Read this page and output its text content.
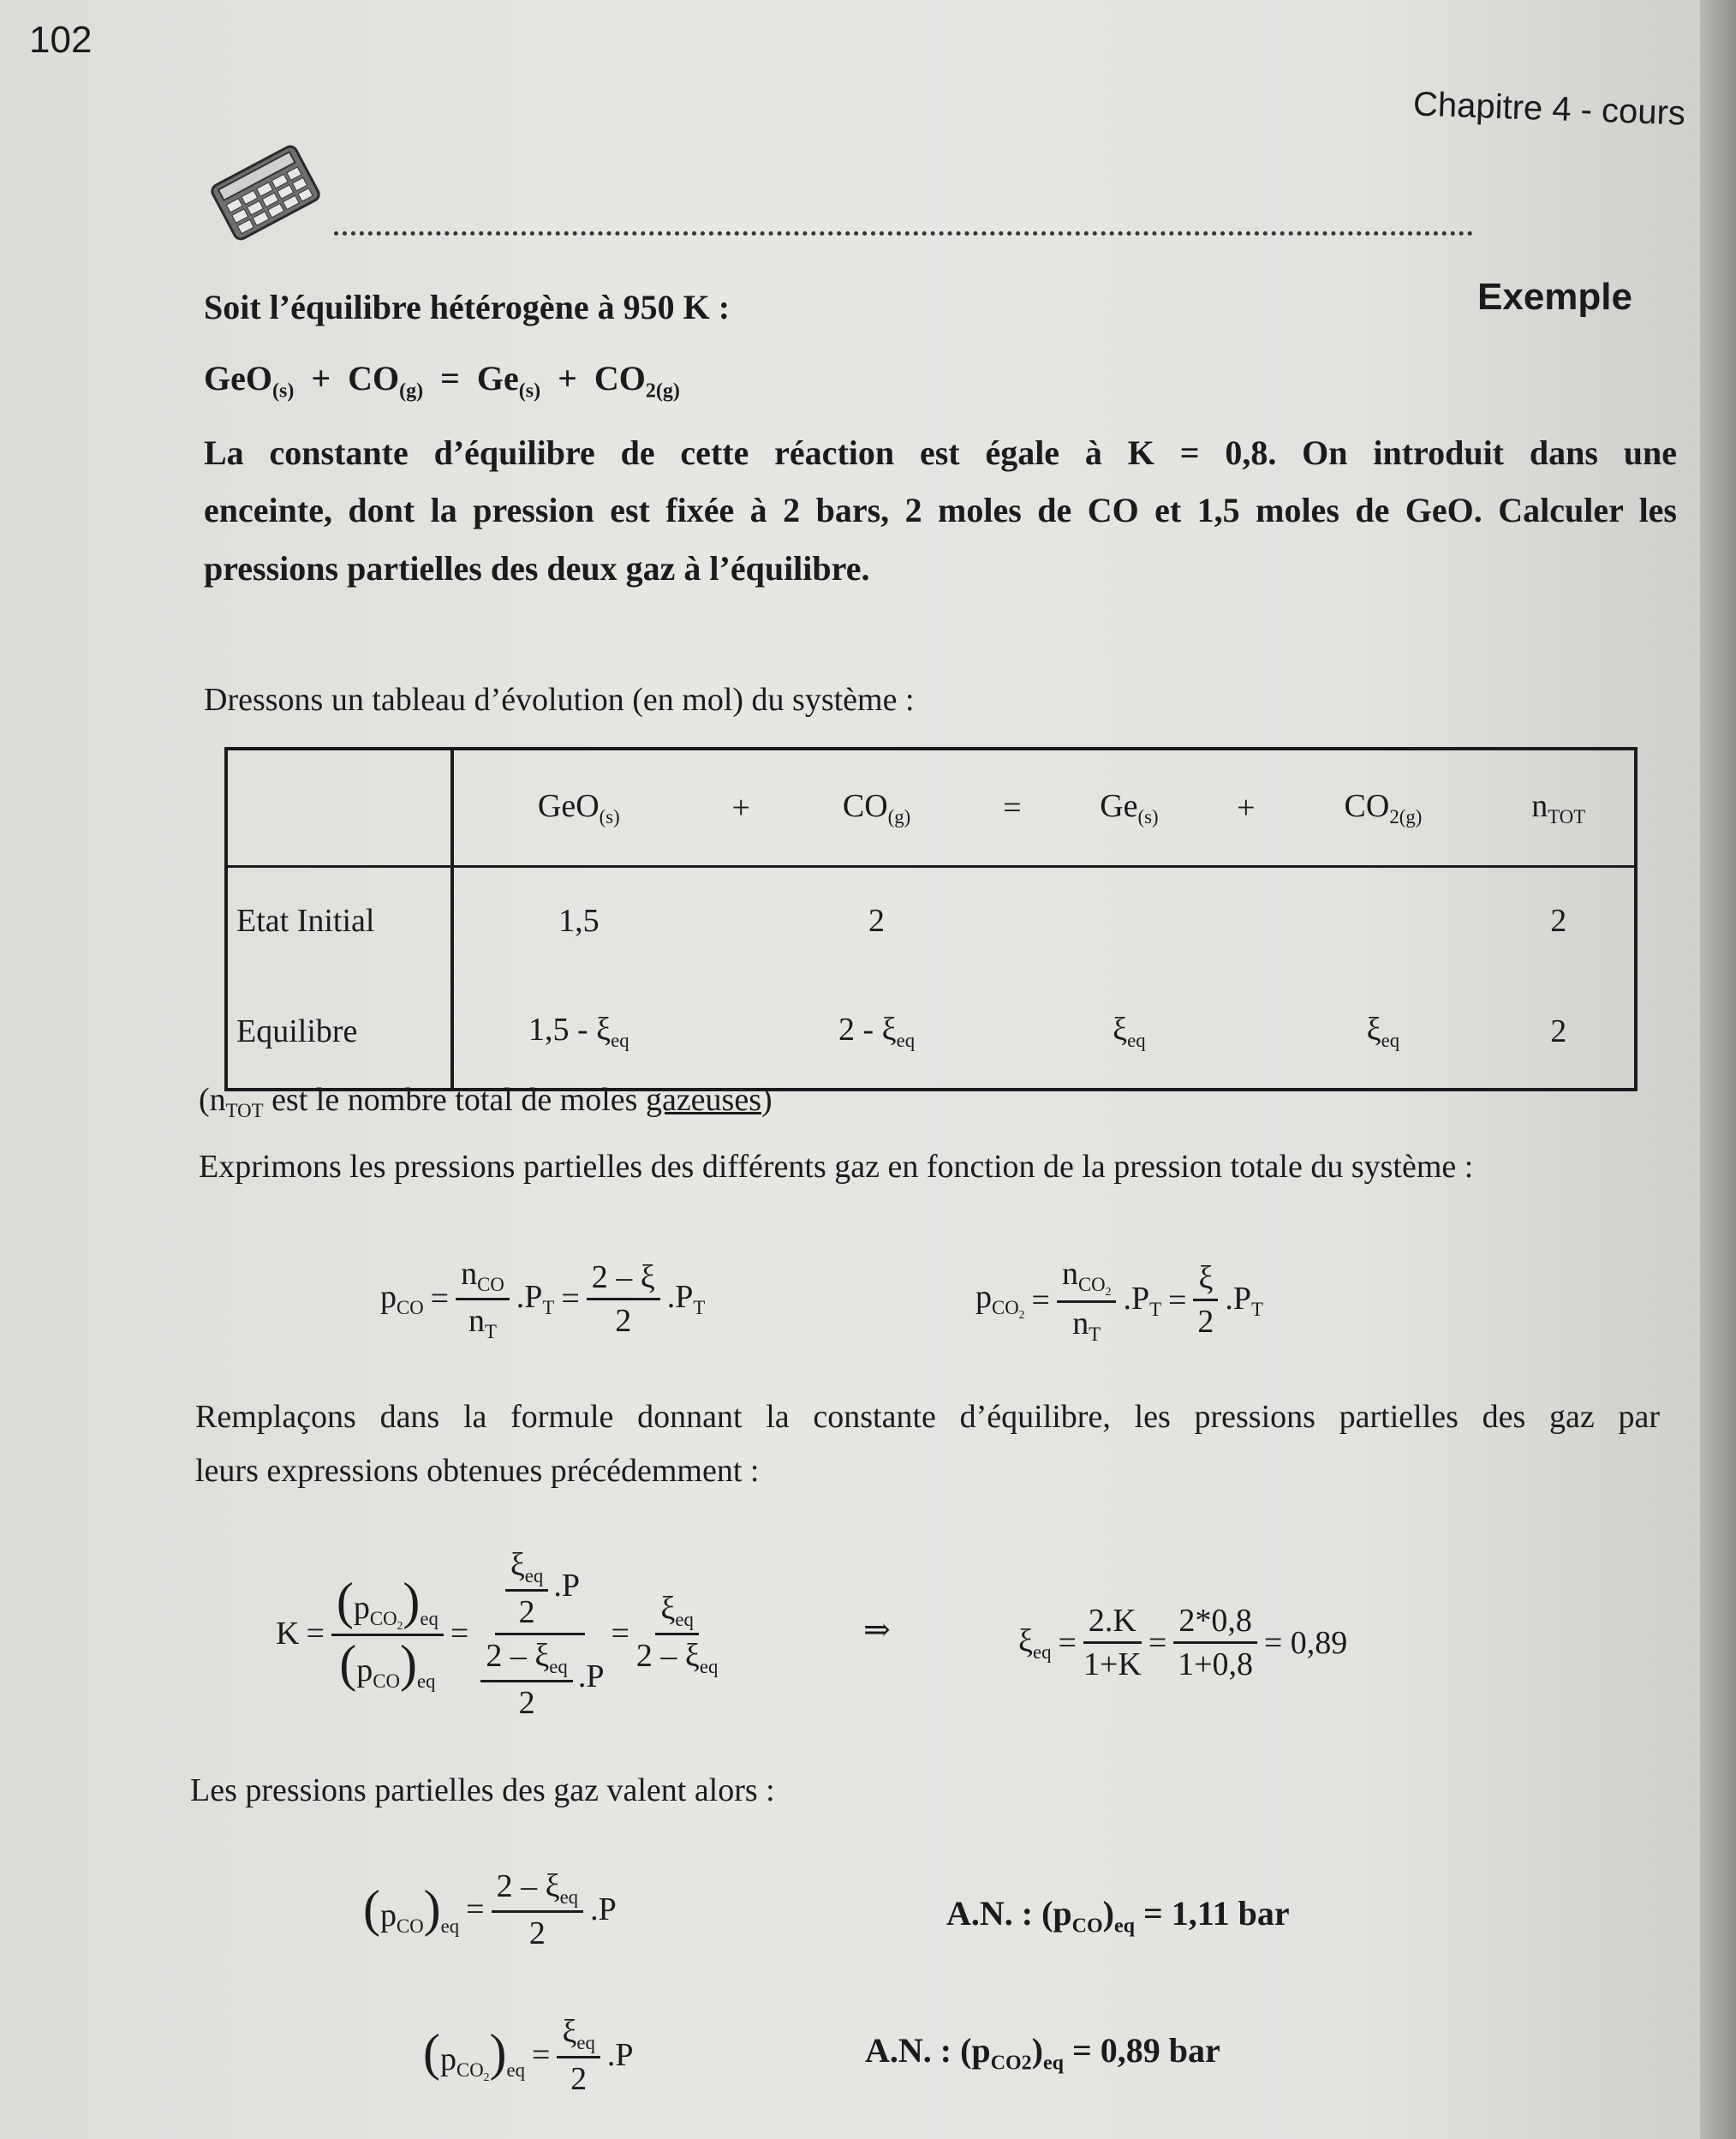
102
Chapitre 4 - cours
Exemple
Soit l’équilibre hétérogène à 950 K :
$GeO_{(s)} + CO_{(g)} = Ge_{(s)} + CO_{2(g)}$
La constante d’équilibre de cette réaction est égale à K = 0,8. On introduit dans une
enceinte, dont la pression est fixée à 2 bars, 2 moles de CO et 1,5 moles de GeO. Calculer les
pressions partielles des deux gaz à l’équilibre.
Dressons un tableau d’évolution (en mol) du système :
	GeO$_{(s)}$	+	$CO_{(g)}$	=	$Ge_{(s)}$	+	$CO_{2(g)}$	$n_{TOT}$
Etat Initial	1,5		2					2
Equilibre	$1,5 - \xi_{eq}$		$2 - \xi_{eq}$		$\xi_{eq}$		$\xi_{eq}$	2
($n_{TOT}$ est le nombre total de moles gazeuses)
Exprimons les pressions partielles des différents gaz en fonction de la pression totale du système :
$p_{CO} = \frac{n_{CO}}{n_T} .P_T = \frac{2 - \xi}{2} .P_T$	$p_{CO_2} = \frac{n_{CO_2}}{n_T} .P_T = \frac{\xi}{2} .P_T$
Remplaçons dans la formule donnant la constante d’équilibre, les pressions partielles des gaz par
leurs expressions obtenues précédemment :
$K = \frac{(p_{CO_2})_{eq}}{(p_{CO})_{eq}} = \frac{\frac{\xi_{eq}}{2} .P}{\frac{2 - \xi_{eq}}{2} .P} = \frac{\xi_{eq}}{2 - \xi_{eq}}$	⇒	$\xi_{eq} = \frac{2.K}{1+K} = \frac{2*0,8}{1+0,8} = 0,89$
Les pressions partielles des gaz valent alors :
$(p_{CO})_{eq} = \frac{2 - \xi_{eq}}{2} .P$	A.N. : $(p_{CO})_{eq} = 1,11$ bar
$(p_{CO_2})_{eq} = \frac{\xi_{eq}}{2} .P$	A.N. : $(p_{CO2})_{eq} = 0,89$ bar
